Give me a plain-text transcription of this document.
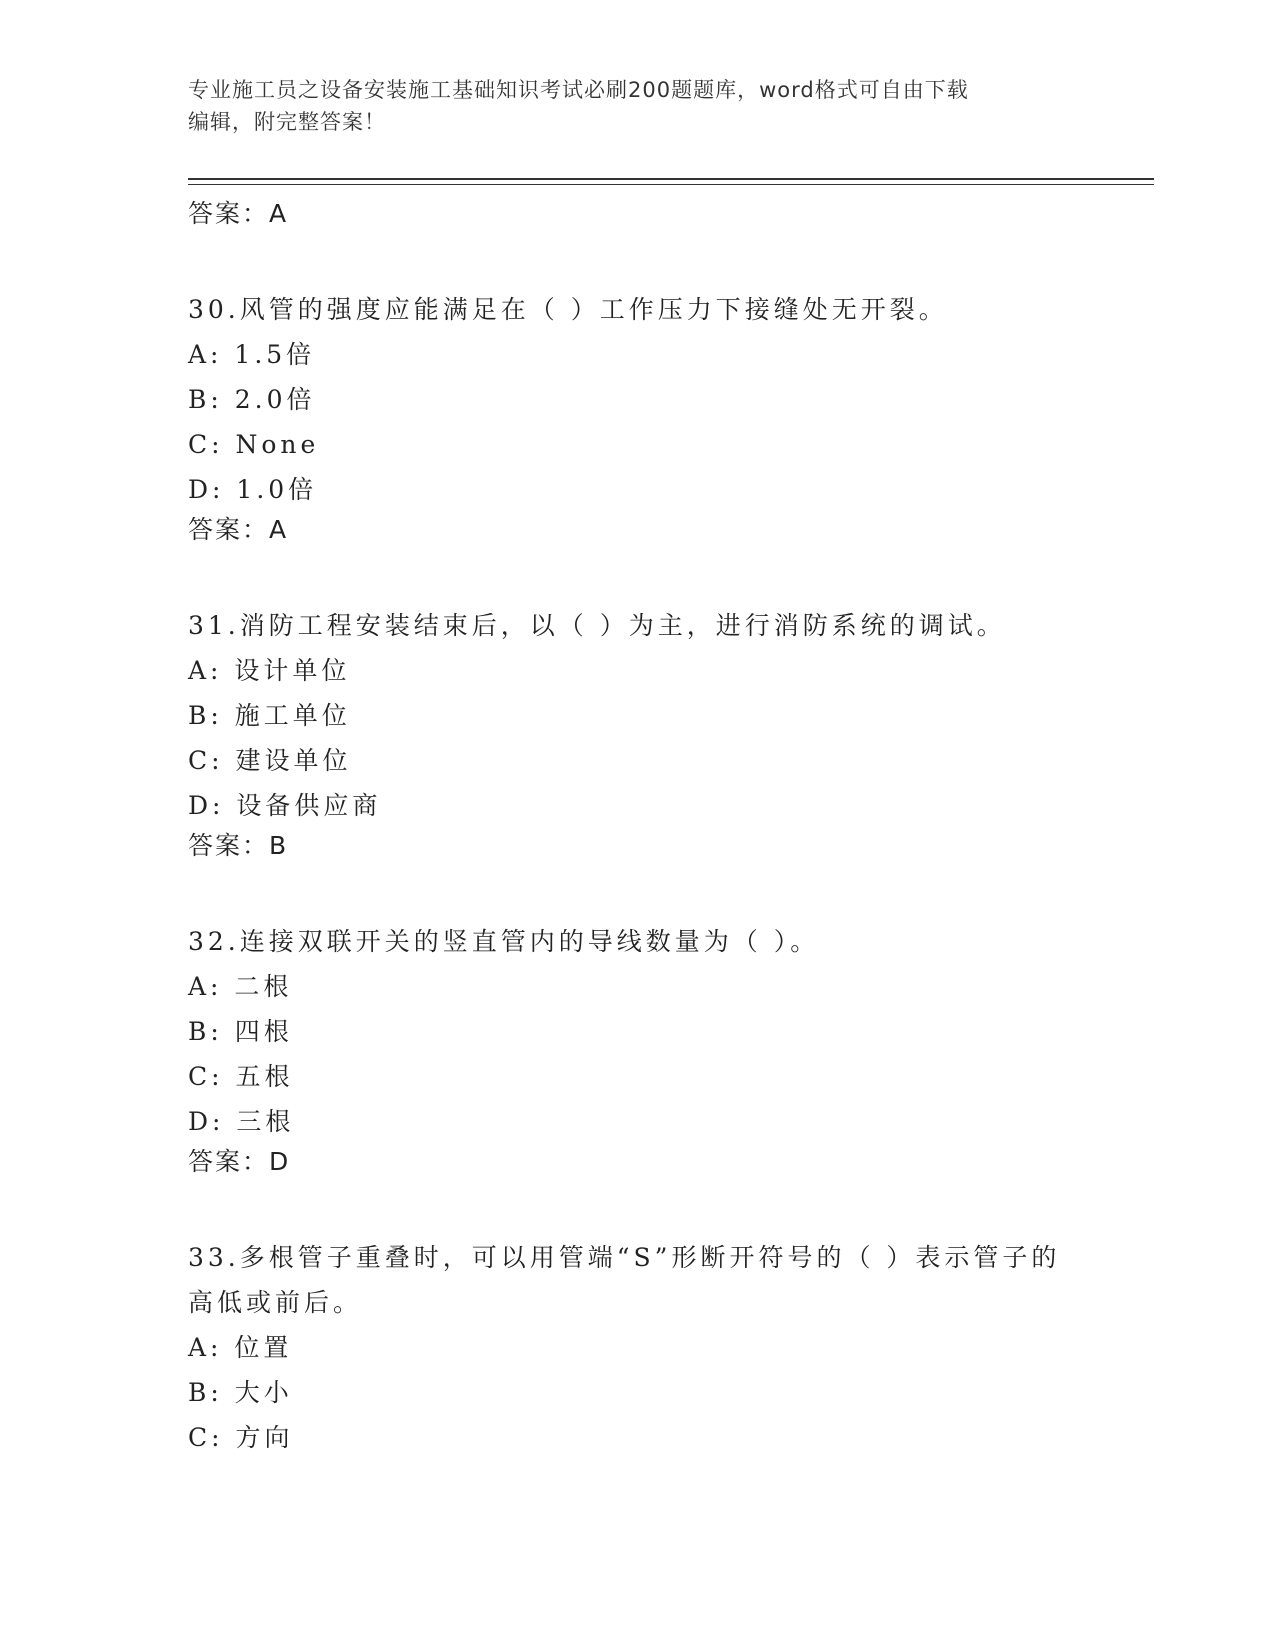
专业施工员之设备安装施工基础知识考试必刷200题题库，word格式可自由下载
编辑，附完整答案！
答案：A
30.风管的强度应能满足在（ ）工作压力下接缝处无开裂。
A: 1.5倍
B: 2.0倍
C: None
D: 1.0倍
答案：A
31.消防工程安装结束后，以（ ）为主，进行消防系统的调试。
A: 设计单位
B: 施工单位
C: 建设单位
D: 设备供应商
答案：B
32.连接双联开关的竖直管内的导线数量为（ ）。
A: 二根
B: 四根
C: 五根
D: 三根
答案：D
33.多根管子重叠时，可以用管端“S”形断开符号的（ ）表示管子的
高低或前后。
A: 位置
B: 大小
C: 方向
